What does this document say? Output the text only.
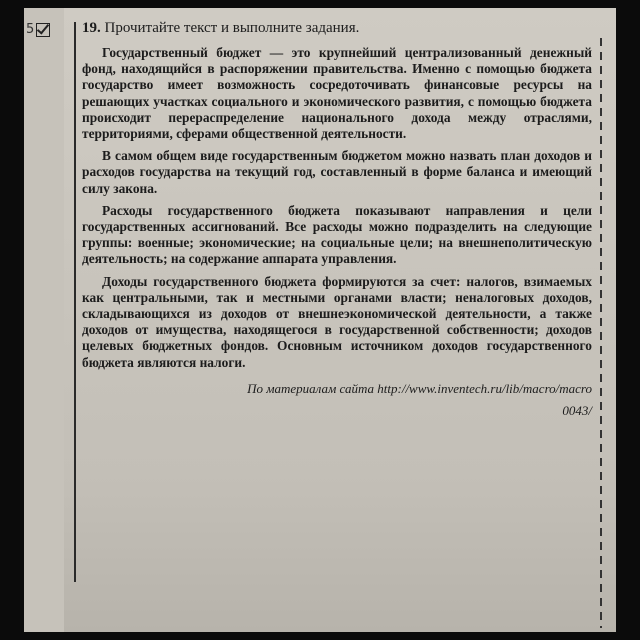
5	19. Прочитайте текст и выполните задания.

Государственный бюджет — это крупнейший централизованный денежный фонд, находящийся в распоряжении правительства. Именно с помощью бюджета государство имеет возможность сосредоточивать финансовые ресурсы на решающих участках социального и экономического развития, с помощью бюджета происходит перераспределение национального дохода между отраслями, территориями, сферами общественной деятельности.

В самом общем виде государственным бюджетом можно назвать план доходов и расходов государства на текущий год, составленный в форме баланса и имеющий силу закона.

Расходы государственного бюджета показывают направления и цели государственных ассигнований. Все расходы можно подразделить на следующие группы: военные; экономические; на социальные цели; на внешнеполитическую деятельность; на содержание аппарата управления.

Доходы государственного бюджета формируются за счет: налогов, взимаемых как центральными, так и местными органами власти; неналоговых доходов, складывающихся из доходов от внешнеэкономической деятельности, а также доходов от имущества, находящегося в государственной собственности; доходов целевых бюджетных фондов. Основным источником доходов государственного бюджета являются налоги.

По материалам сайта http://www.inventech.ru/lib/macro/macro
0043/
